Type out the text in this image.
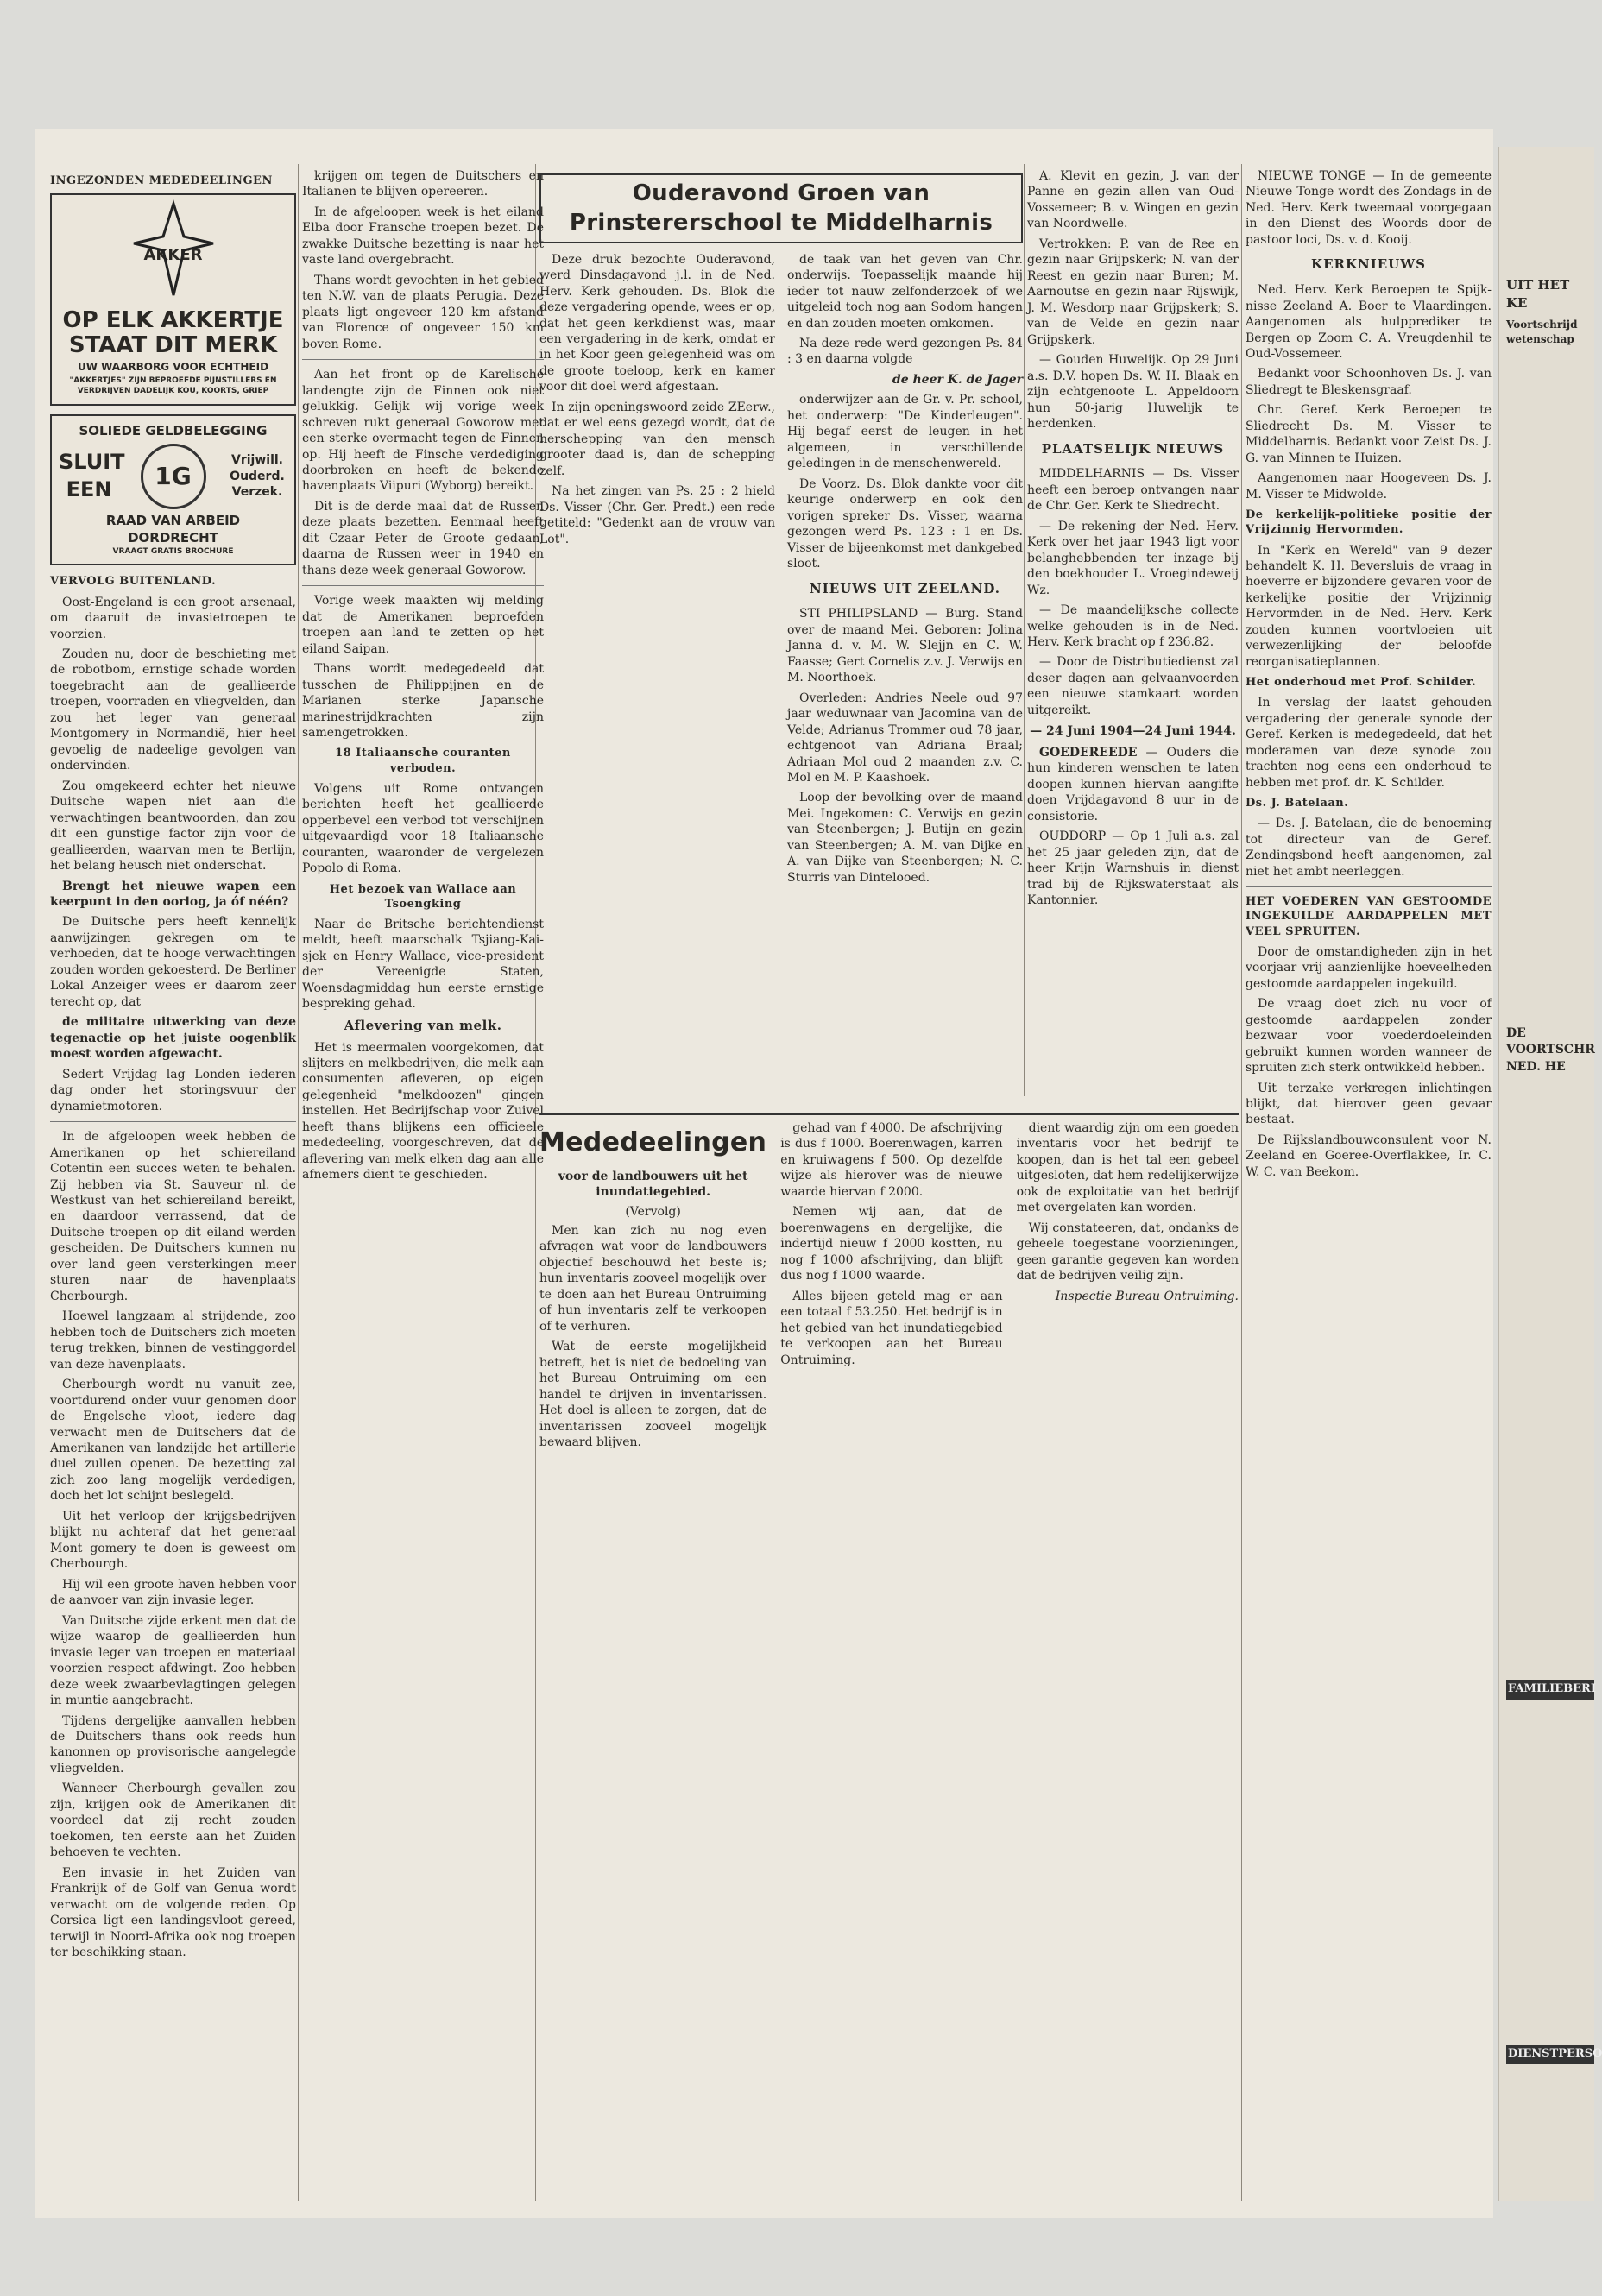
UIT HET KE
Voortschrijd wetenschap
DE VOORTSCHR NED. HE
FAMILIEBERI
DIENSTPERSO
INGEZONDEN MEDEDEELINGEN
AKKER
OP ELK AKKERTJE
STAAT DIT MERK
UW WAARBORG VOOR ECHTHEID
"AKKERTJES" ZIJN BEPROEFDE PIJNSTILLERS EN VERDRIJVEN DADELIJK KOU, KOORTS, GRIEP
SOLIEDE GELDBELEGGING
SLUIT EEN	1G
Vrijwill. Ouderd. Verzek.
RAAD VAN ARBEID DORDRECHT
VRAAGT GRATIS BROCHURE
VERVOLG BUITENLAND.

Oost-Engeland is een groot arsenaal, om daaruit de invasietroepen te voorzien.

Zouden nu, door de beschieting met de robotbom, ernstige schade worden toegebracht aan de geallieerde troepen, voorraden en vliegvelden, dan zou het leger van generaal Montgomery in Normandië, hier heel gevoelig de nadeelige gevolgen van ondervinden.

Zou omgekeerd echter het nieuwe Duitsche wapen niet aan die verwachtingen beantwoorden, dan zou dit een gunstige factor zijn voor de geallieerden, waarvan men te Berlijn, het belang heusch niet onderschat.

Brengt het nieuwe wapen een keerpunt in den oorlog, ja óf néén?

De Duitsche pers heeft kennelijk aanwijzingen gekregen om te verhoeden, dat te hooge verwachtingen zouden worden gekoesterd. De Berliner Lokal Anzeiger wees er daarom zeer terecht op, dat

de militaire uitwerking van deze tegenactie op het juiste oogenblik moest worden afgewacht.

Sedert Vrijdag lag Londen iederen dag onder het storingsvuur der dynamietmotoren.

In de afgeloopen week hebben de Amerikanen op het schiereiland Cotentin een succes weten te behalen. Zij hebben via St. Sauveur nl. de Westkust van het schiereiland bereikt, en daardoor verrassend, dat de Duitsche troepen op dit eiland werden gescheiden. De Duitschers kunnen nu over land geen versterkingen meer sturen naar de havenplaats Cherbourgh.

Hoewel langzaam al strijdende, zoo hebben toch de Duitschers zich moeten terug trekken, binnen de vestinggordel van deze havenplaats.

Cherbourgh wordt nu vanuit zee, voortdurend onder vuur genomen door de Engelsche vloot, iedere dag verwacht men de Duitschers dat de Amerikanen van landzijde het artillerie duel zullen openen. De bezetting zal zich zoo lang mogelijk verdedigen, doch het lot schijnt beslegeld.

Uit het verloop der krijgsbedrijven blijkt nu achteraf dat het generaal Mont gomery te doen is geweest om Cherbourgh.

Hij wil een groote haven hebben voor de aanvoer van zijn invasie leger.

Van Duitsche zijde erkent men dat de wijze waarop de geallieerden hun invasie leger van troepen en materiaal voorzien respect afdwingt. Zoo hebben deze week zwaarbevlagtingen gelegen in muntie aangebracht.

Tijdens dergelijke aanvallen hebben de Duitschers thans ook reeds hun kanonnen op provisorische aangelegde vliegvelden.

Wanneer Cherbourgh gevallen zou zijn, krijgen ook de Amerikanen dit voordeel dat zij recht zouden toekomen, ten eerste aan het Zuiden behoeven te vechten.

Een invasie in het Zuiden van Frankrijk of de Golf van Genua wordt verwacht om de volgende reden. Op Corsica ligt een landingsvloot gereed, terwijl in Noord-Afrika ook nog troepen ter beschikking staan.

krijgen om tegen de Duitschers en Italianen te blijven opereeren.

In de afgeloopen week is het eiland Elba door Fransche troepen bezet. De zwakke Duitsche bezetting is naar het vaste land overgebracht.

Thans wordt gevochten in het gebied ten N.W. van de plaats Perugia. Deze plaats ligt ongeveer 120 km afstand van Florence of ongeveer 150 km boven Rome.

Aan het front op de Karelische landengte zijn de Finnen ook niet gelukkig. Gelijk wij vorige week schreven rukt generaal Goworow met een sterke overmacht tegen de Finnen op. Hij heeft de Finsche verdediging doorbroken en heeft de bekende havenplaats Viipuri (Wyborg) bereikt.

Dit is de derde maal dat de Russen deze plaats bezetten. Eenmaal heeft dit Czaar Peter de Groote gedaan, daarna de Russen weer in 1940 en thans deze week generaal Goworow.

Vorige week maakten wij melding dat de Amerikanen beproefden troepen aan land te zetten op het eiland Saipan.

Thans wordt medegedeeld dat tusschen de Philippijnen en de Marianen sterke Japansche marinestrijdkrachten zijn samengetrokken.

18 Italiaansche couranten verboden.

Volgens uit Rome ontvangen berichten heeft het geallieerde opperbevel een verbod tot verschijnen uitgevaardigd voor 18 Italiaansche couranten, waaronder de vergelezen Popolo di Roma.

Het bezoek van Wallace aan Tsoengking

Naar de Britsche berichtendienst meldt, heeft maarschalk Tsjiang-Kai-sjek en Henry Wallace, vice-president der Vereenigde Staten, Woensdagmiddag hun eerste ernstige bespreking gehad.

Aflevering van melk.

Het is meermalen voorgekomen, dat slijters en melkbedrijven, die melk aan consumenten afleveren, op eigen gelegenheid "melkdoozen" gingen instellen. Het Bedrijfschap voor Zuivel heeft thans blijkens een officieele mededeeling, voorgeschreven, dat de aflevering van melk elken dag aan alle afnemers dient te geschieden.

Ouderavond Groen van Prinstererschool te Middelharnis

Deze druk bezochte Ouderavond, werd Dinsdagavond j.l. in de Ned. Herv. Kerk gehouden. Ds. Blok die deze vergadering opende, wees er op, dat het geen kerkdienst was, maar een vergadering in de kerk, omdat er in het Koor geen gelegenheid was om de groote toeloop, kerk en kamer voor dit doel werd afgestaan.

In zijn openingswoord zeide ZEerw., dat er wel eens gezegd wordt, dat de herschepping van den mensch grooter daad is, dan de schepping zelf.

Na het zingen van Ps. 25 : 2 hield Ds. Visser (Chr. Ger. Predt.) een rede getiteld: "Gedenkt aan de vrouw van Lot".

de taak van het geven van Chr. onderwijs. Toepasselijk maande hij ieder tot nauw zelfonderzoek of we uitgeleid toch nog aan Sodom hangen en dan zouden moeten omkomen.

Na deze rede werd gezongen Ps. 84 : 3 en daarna volgde

de heer K. de Jager

onderwijzer aan de Gr. v. Pr. school, het onderwerp: "De Kinderleugen". Hij begaf eerst de leugen in het algemeen, in verschillende geledingen in de menschenwereld.

De Voorz. Ds. Blok dankte voor dit keurige onderwerp en ook den vorigen spreker Ds. Visser, waarna gezongen werd Ps. 123 : 1 en Ds. Visser de bijeenkomst met dankgebed sloot.

NIEUWS UIT ZEELAND.

STI PHILIPSLAND — Burg. Stand over de maand Mei. Geboren: Jolina Janna d. v. M. W. Slejjn en C. W. Faasse; Gert Cornelis z.v. J. Verwijs en M. Noorthoek.

Overleden: Andries Neele oud 97 jaar weduwnaar van Jacomina van de Velde; Adrianus Trommer oud 78 jaar, echtgenoot van Adriana Braal; Adriaan Mol oud 2 maanden z.v. C. Mol en M. P. Kaashoek.

Loop der bevolking over de maand Mei. Ingekomen: C. Verwijs en gezin van Steenbergen; J. Butijn en gezin van Steenbergen; A. M. van Dijke en A. van Dijke van Steenbergen; N. C. Sturris van Dintelooed.

A. Klevit en gezin, J. van der Panne en gezin allen van Oud-Vossemeer; B. v. Wingen en gezin van Noordwelle.

Vertrokken: P. van de Ree en gezin naar Grijpskerk; N. van der Reest en gezin naar Buren; M. Aarnoutse en gezin naar Rijswijk, J. M. Wesdorp naar Grijpskerk; S. van de Velde en gezin naar Grijpskerk.

— Gouden Huwelijk. Op 29 Juni a.s. D.V. hopen Ds. W. H. Blaak en zijn echtgenoote L. Appeldoorn hun 50-jarig Huwelijk te herdenken.

PLAATSELIJK NIEUWS

MIDDELHARNIS — Ds. Visser heeft een beroep ontvangen naar de Chr. Ger. Kerk te Sliedrecht.

— De rekening der Ned. Herv. Kerk over het jaar 1943 ligt voor belanghebbenden ter inzage bij den boekhouder L. Vroegindeweij Wz.

— De maandelijksche collecte welke gehouden is in de Ned. Herv. Kerk bracht op f 236.82.

— Door de Distributiedienst zal deser dagen aan gelvaanvoerden een nieuwe stamkaart worden uitgereikt.

— 24 Juni 1904—24 Juni 1944.

GOEDEREEDE — Ouders die hun kinderen wenschen te laten doopen kunnen hiervan aangifte doen Vrijdagavond 8 uur in de consistorie.

OUDDORP — Op 1 Juli a.s. zal het 25 jaar geleden zijn, dat de heer Krijn Warnshuis in dienst trad bij de Rijkswaterstaat als Kantonnier.

Mededeelingen
voor de landbouwers uit het inundatiegebied.
(Vervolg)

Men kan zich nu nog even afvragen wat voor de landbouwers objectief beschouwd het beste is; hun inventaris zooveel mogelijk over te doen aan het Bureau Ontruiming of hun inventaris zelf te verkoopen of te verhuren.

Wat de eerste mogelijkheid betreft, het is niet de bedoeling van het Bureau Ontruiming om een handel te drijven in inventarissen. Het doel is alleen te zorgen, dat de inventarissen zooveel mogelijk bewaard blijven.

gehad van f 4000. De afschrijving is dus f 1000. Boerenwagen, karren en kruiwagens f 500. Op dezelfde wijze als hierover was de nieuwe waarde hiervan f 2000.

Nemen wij aan, dat de boerenwagens en dergelijke, die indertijd nieuw f 2000 kostten, nu nog f 1000 afschrijving, dan blijft dus nog f 1000 waarde.

Alles bijeen geteld mag er aan een totaal f 53.250. Het bedrijf is in het gebied van het inundatiegebied te verkoopen aan het Bureau Ontruiming.

dient waardig zijn om een goeden inventaris voor het bedrijf te koopen, dan is het tal een gebeel uitgesloten, dat hem redelijkerwijze ook de exploitatie van het bedrijf met overgelaten kan worden.

Wij constateeren, dat, ondanks de geheele toegestane voorzieningen, geen garantie gegeven kan worden dat de bedrijven veilig zijn.

Inspectie Bureau Ontruiming.

NIEUWE TONGE — In de gemeente Nieuwe Tonge wordt des Zondags in de Ned. Herv. Kerk tweemaal voorgegaan in den Dienst des Woords door de pastoor loci, Ds. v. d. Kooij.

KERKNIEUWS

Ned. Herv. Kerk Beroepen te Spijk-nisse Zeeland A. Boer te Vlaardingen. Aangenomen als hulpprediker te Bergen op Zoom C. A. Vreugdenhil te Oud-Vossemeer.

Bedankt voor Schoonhoven Ds. J. van Sliedregt te Bleskensgraaf.

Chr. Geref. Kerk Beroepen te Sliedrecht Ds. M. Visser te Middelharnis. Bedankt voor Zeist Ds. J. G. van Minnen te Huizen.

Aangenomen naar Hoogeveen Ds. J. M. Visser te Midwolde.

De kerkelijk-politieke positie der Vrijzinnig Hervormden.

In "Kerk en Wereld" van 9 dezer behandelt K. H. Beversluis de vraag in hoeverre er bijzondere gevaren voor de kerkelijke positie der Vrijzinnig Hervormden in de Ned. Herv. Kerk zouden kunnen voortvloeien uit verwezenlijking der beloofde reorganisatieplannen.

Het onderhoud met Prof. Schilder.

In verslag der laatst gehouden vergadering der generale synode der Geref. Kerken is medegedeeld, dat het moderamen van deze synode zou trachten nog eens een onderhoud te hebben met prof. dr. K. Schilder.

Ds. J. Batelaan.

— Ds. J. Batelaan, die de benoeming tot directeur van de Geref. Zendingsbond heeft aangenomen, zal niet het ambt neerleggen.

HET VOEDEREN VAN GESTOOMDE INGEKUILDE AARDAPPELEN MET VEEL SPRUITEN.

Door de omstandigheden zijn in het voorjaar vrij aanzienlijke hoeveelheden gestoomde aardappelen ingekuild.

De vraag doet zich nu voor of gestoomde aardappelen zonder bezwaar voor voederdoeleinden gebruikt kunnen worden wanneer de spruiten zich sterk ontwikkeld hebben.

Uit terzake verkregen inlichtingen blijkt, dat hierover geen gevaar bestaat.

De Rijkslandbouwconsulent voor N. Zeeland en Goeree-Overflakkee, Ir. C. W. C. van Beekom.
